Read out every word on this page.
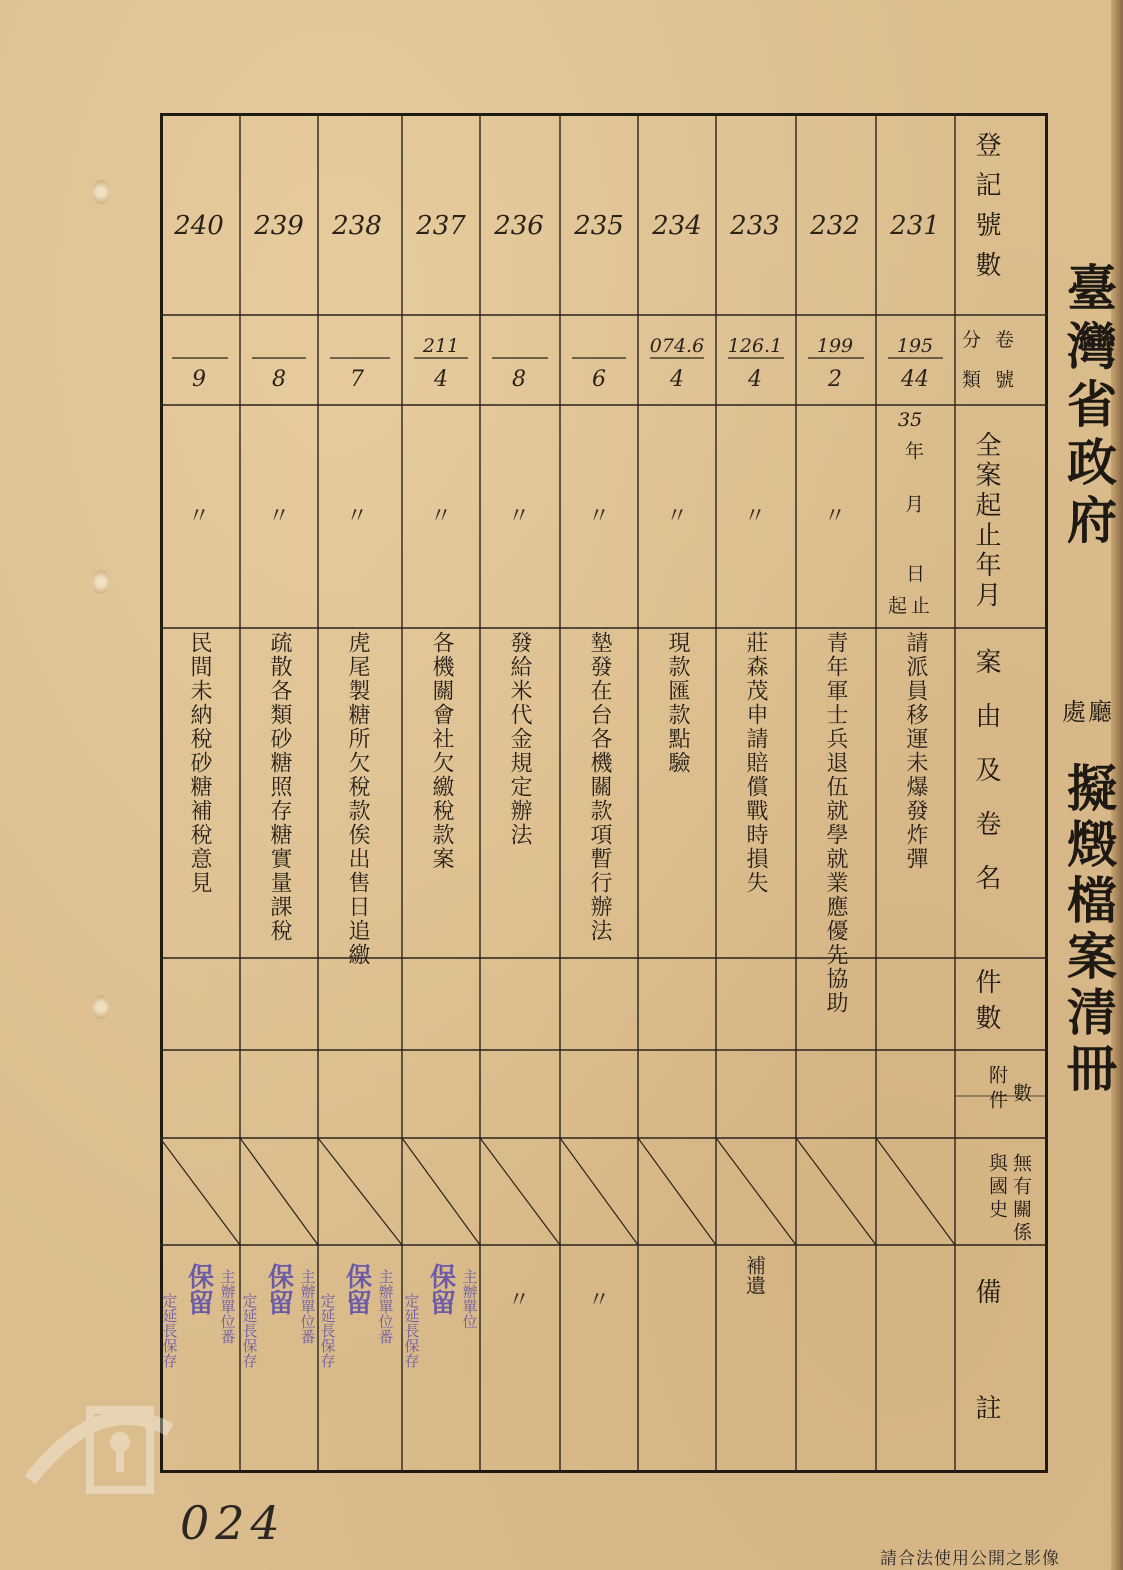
臺灣省政府
擬燬檔案清冊
處廳
登記號數
分卷
類號
全案起止年月
案由及卷名
件數
附件 數
與國史 無有關係
備註
35
年月
日
起止
231
195
44
請派員移運未爆發炸彈
232
199
2
〃
青年軍士兵退伍就學就業應優先協助
233
126.1
4
〃
莊森茂申請賠償戰時損失
補遺
234
074.6
4
〃
現款匯款點驗
235
6
〃
墊發在台各機關款項暫行辦法
〃
236
8
〃
發給米代金規定辦法
〃
237
211
4
〃
各機關會社欠繳稅款案
238
7
〃
虎尾製糖所欠稅款俟出售日追繳
239
8
〃
疏散各類砂糖照存糖實量課稅
240
9
〃
民間未納稅砂糖補稅意見
定延長保存
保留 主辦單位
定延長保存
保留 主辦單位番
定延長保存
保留 主辦單位番
定延長保存
保留 主辦單位番
024
請合法使用公開之影像
